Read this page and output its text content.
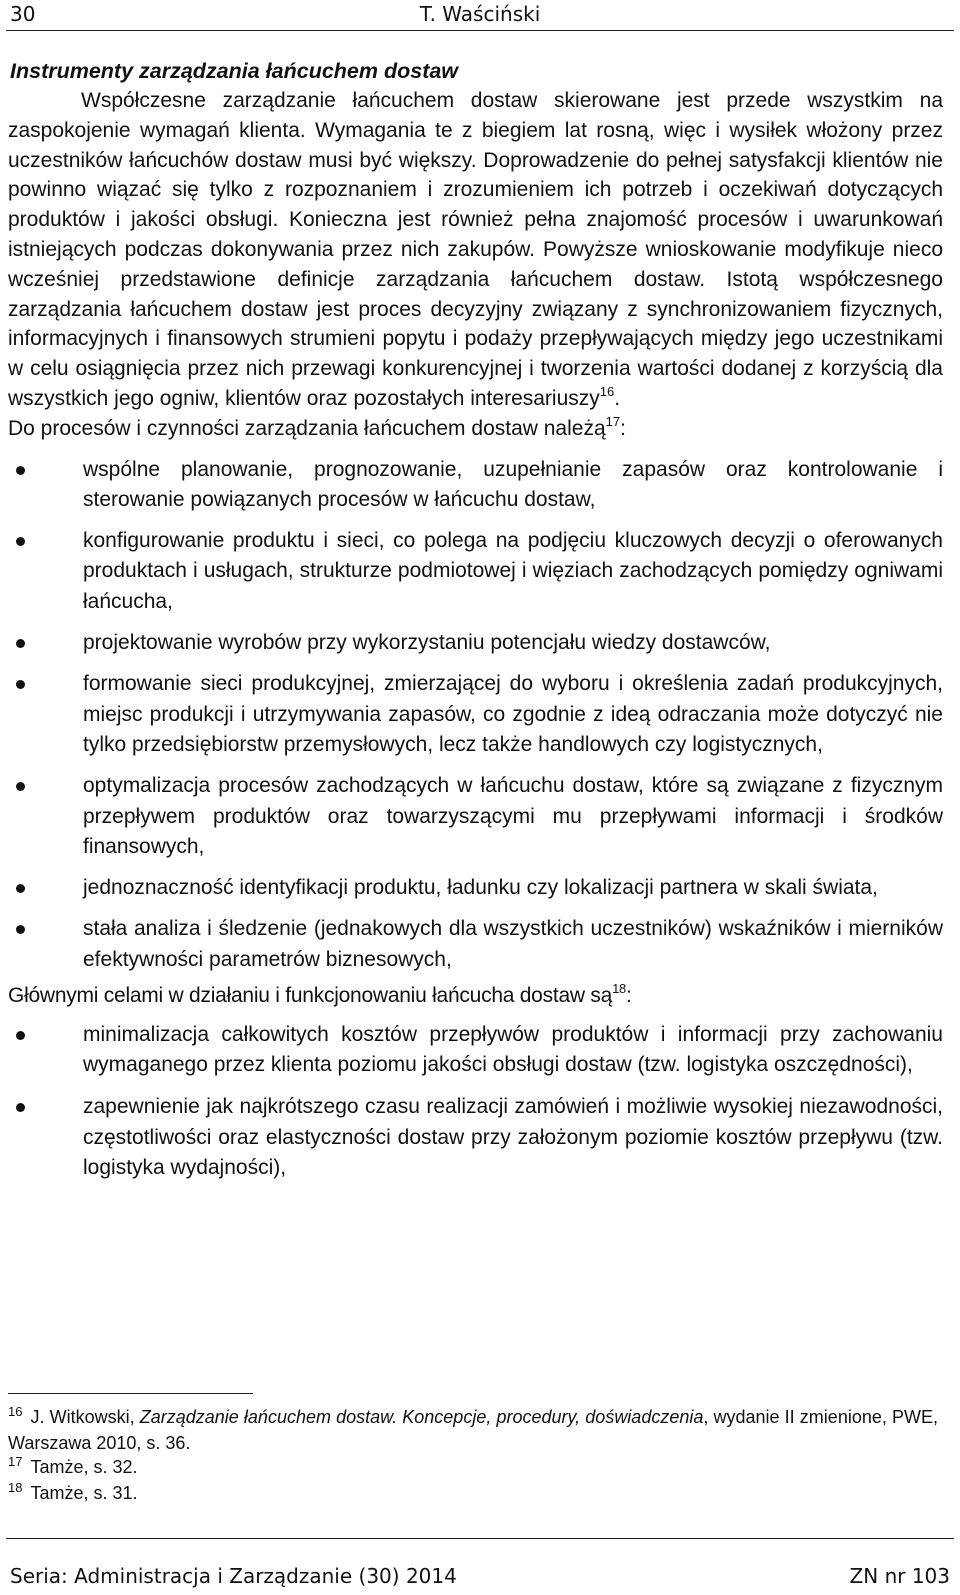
30	T. Waściński

Instrumenty zarządzania łańcuchem dostaw

Współczesne zarządzanie łańcuchem dostaw skierowane jest przede wszystkim na zaspokojenie wymagań klienta. Wymagania te z biegiem lat rosną, więc i wysiłek włożony przez uczestników łańcuchów dostaw musi być większy. Doprowadzenie do pełnej satysfakcji klientów nie powinno wiązać się tylko z rozpoznaniem i zrozumieniem ich potrzeb i oczekiwań dotyczących produktów i jakości obsługi. Konieczna jest również pełna znajomość procesów i uwarunkowań istniejących podczas dokonywania przez nich zakupów. Powyższe wnioskowanie modyfikuje nieco wcześniej przedstawione definicje zarządzania łańcuchem dostaw. Istotą współczesnego zarządzania łańcuchem dostaw jest proces decyzyjny związany z synchronizowaniem fizycznych, informacyjnych i finansowych strumieni popytu i podaży przepływających między jego uczestnikami w celu osiągnięcia przez nich przewagi konkurencyjnej i tworzenia wartości dodanej z korzyścią dla wszystkich jego ogniw, klientów oraz pozostałych interesariuszy$^{16}$.

Do procesów i czynności zarządzania łańcuchem dostaw należą$^{17}$:

wspólne planowanie, prognozowanie, uzupełnianie zapasów oraz kontrolowanie i sterowanie powiązanych procesów w łańcuchu dostaw,
konfigurowanie produktu i sieci, co polega na podjęciu kluczowych decyzji o oferowanych produktach i usługach, strukturze podmiotowej i więziach zachodzących pomiędzy ogniwami łańcucha,
projektowanie wyrobów przy wykorzystaniu potencjału wiedzy dostawców,
formowanie sieci produkcyjnej, zmierzającej do wyboru i określenia zadań produkcyjnych, miejsc produkcji i utrzymywania zapasów, co zgodnie z ideą odraczania może dotyczyć nie tylko przedsiębiorstw przemysłowych, lecz także handlowych czy logistycznych,
optymalizacja procesów zachodzących w łańcuchu dostaw, które są związane z fizycznym przepływem produktów oraz towarzyszącymi mu przepływami informacji i środków finansowych,
jednoznaczność identyfikacji produktu, ładunku czy lokalizacji partnera w skali świata,
stała analiza i śledzenie (jednakowych dla wszystkich uczestników) wskaźników i mierników efektywności parametrów biznesowych,

Głównymi celami w działaniu i funkcjonowaniu łańcucha dostaw $są^{18}$:

minimalizacja całkowitych kosztów przepływów produktów i informacji przy zachowaniu wymaganego przez klienta poziomu jakości obsługi dostaw (tzw. logistyka oszczędności),
zapewnienie jak najkrótszego czasu realizacji zamówień i możliwie wysokiej niezawodności, częstotliwości oraz elastyczności dostaw przy założonym poziomie kosztów przepływu (tzw. logistyka wydajności),

$^{16}$ J. Witkowski, Zarządzanie łańcuchem dostaw. Koncepcje, procedury, doświadczenia, wydanie II zmienione, PWE, Warszawa 2010, s. 36.

$^{17}$ Tamże, s. 32.

$^{18}$ Tamże, s. 31.

Seria: Administracja i Zarządzanie (30) 2014	ZN nr 103
